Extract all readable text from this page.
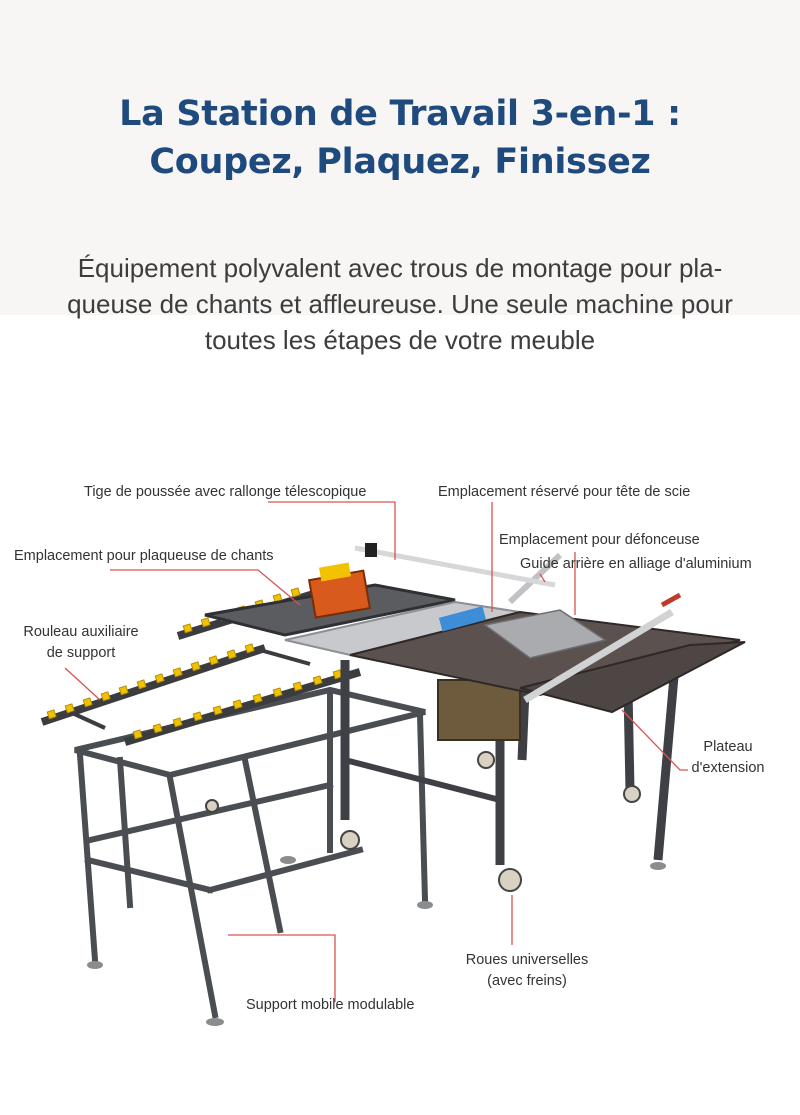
La Station de Travail 3-en-1 :
Coupez, Plaquez, Finissez

Équipement polyvalent avec trous de montage pour pla-
queuse de chants et affleureuse. Une seule machine pour
toutes les étapes de votre meuble

Tige de poussée avec rallonge télescopique	Emplacement réservé pour tête de scie
Emplacement pour défonceuse
Guide arrière en alliage d'aluminium
Emplacement pour plaqueuse de chants
Rouleau auxiliaire
de support
Plateau
d'extension
Roues universelles
(avec freins)
Support mobile modulable
